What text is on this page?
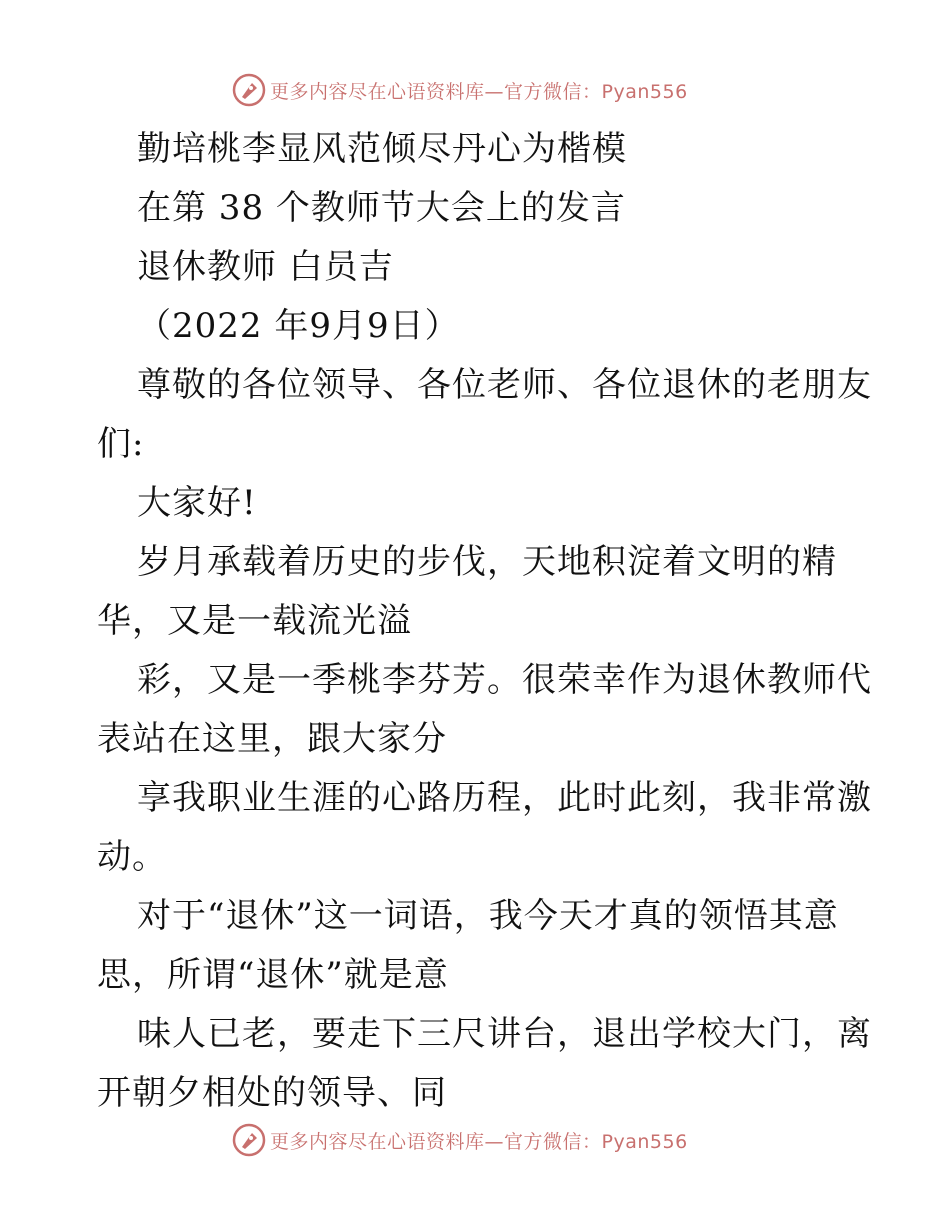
更多内容尽在心语资料库—官方微信：Pyan556
勤培桃李显风范倾尽丹心为楷模
在第 38 个教师节大会上的发言
退休教师 白员吉
（2022 年9月9日）
尊敬的各位领导、各位老师、各位退休的老朋友
们:
大家好!
岁月承载着历史的步伐，天地积淀着文明的精
华，又是一载流光溢
彩，又是一季桃李芬芳。很荣幸作为退休教师代
表站在这里，跟大家分
享我职业生涯的心路历程，此时此刻，我非常激
动。
对于“退休”这一词语，我今天才真的领悟其意
思，所谓“退休”就是意
味人已老，要走下三尺讲台，退出学校大门，离
开朝夕相处的领导、同
更多内容尽在心语资料库—官方微信：Pyan556
